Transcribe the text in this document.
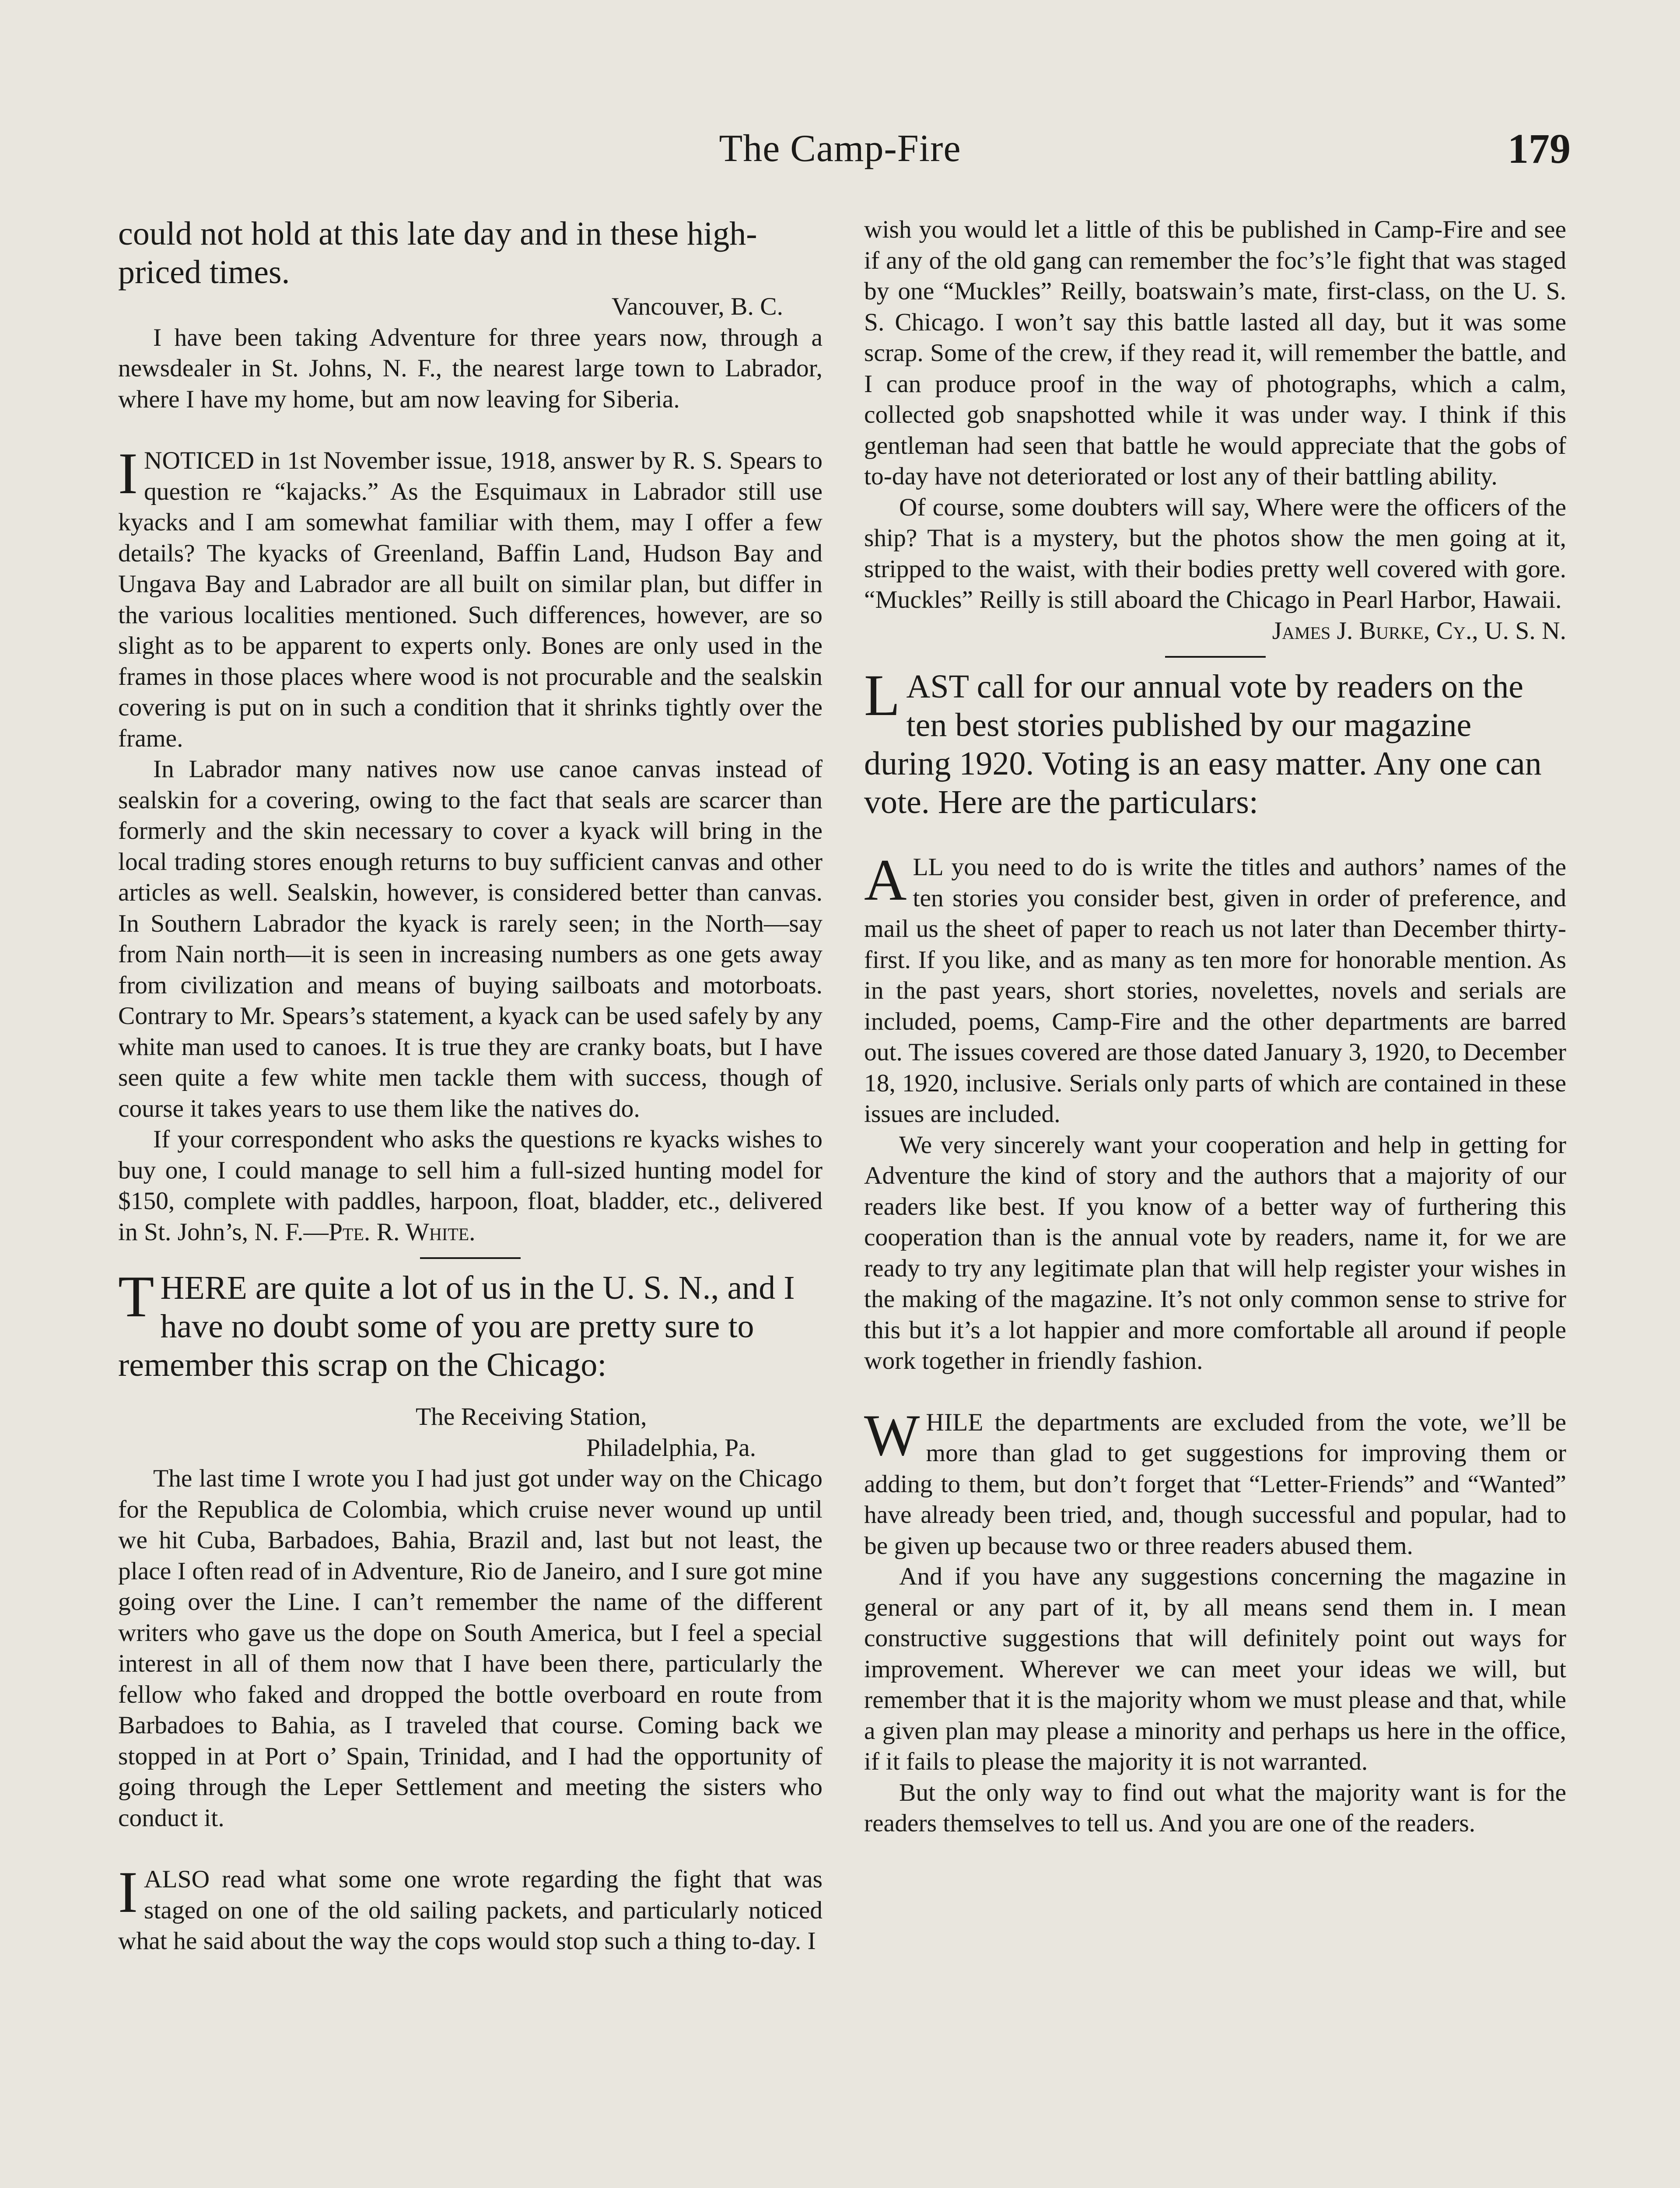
The Camp-Fire	179

could not hold at this late day and in these high-priced times.

Vancouver, B. C.

I have been taking Adventure for three years now, through a newsdealer in St. Johns, N. F., the nearest large town to Labrador, where I have my home, but am now leaving for Siberia.

INOTICED in 1st November issue, 1918, answer by R. S. Spears to question re “kajacks.” As the Esquimaux in Labrador still use kyacks and I am somewhat familiar with them, may I offer a few details? The kyacks of Greenland, Baffin Land, Hudson Bay and Ungava Bay and Labrador are all built on similar plan, but differ in the various localities mentioned. Such differences, however, are so slight as to be apparent to experts only. Bones are only used in the frames in those places where wood is not procurable and the sealskin covering is put on in such a condition that it shrinks tightly over the frame.

In Labrador many natives now use canoe canvas instead of sealskin for a covering, owing to the fact that seals are scarcer than formerly and the skin necessary to cover a kyack will bring in the local trading stores enough returns to buy sufficient canvas and other articles as well. Sealskin, however, is considered better than canvas. In Southern Labrador the kyack is rarely seen; in the North—say from Nain north—it is seen in increasing numbers as one gets away from civilization and means of buying sailboats and motorboats. Contrary to Mr. Spears’s statement, a kyack can be used safely by any white man used to canoes. It is true they are cranky boats, but I have seen quite a few white men tackle them with success, though of course it takes years to use them like the natives do.

If your correspondent who asks the questions re kyacks wishes to buy one, I could manage to sell him a full-sized hunting model for $150, complete with paddles, harpoon, float, bladder, etc., delivered in St. John’s, N. F.—Pte. R. White.

THERE are quite a lot of us in the U. S. N., and I have no doubt some of you are pretty sure to remember this scrap on the Chicago:

The Receiving Station,

Philadelphia, Pa.

The last time I wrote you I had just got under way on the Chicago for the Republica de Colombia, which cruise never wound up until we hit Cuba, Barbadoes, Bahia, Brazil and, last but not least, the place I often read of in Adventure, Rio de Janeiro, and I sure got mine going over the Line. I can’t remember the name of the different writers who gave us the dope on South America, but I feel a special interest in all of them now that I have been there, particularly the fellow who faked and dropped the bottle overboard en route from Barbadoes to Bahia, as I traveled that course. Coming back we stopped in at Port o’ Spain, Trinidad, and I had the opportunity of going through the Leper Settlement and meeting the sisters who conduct it.

IALSO read what some one wrote regarding the fight that was staged on one of the old sailing packets, and particularly noticed what he said about the way the cops would stop such a thing to-day. I

wish you would let a little of this be published in Camp-Fire and see if any of the old gang can remember the foc’s’le fight that was staged by one “Muckles” Reilly, boatswain’s mate, first-class, on the U. S. S. Chicago. I won’t say this battle lasted all day, but it was some scrap. Some of the crew, if they read it, will remember the battle, and I can produce proof in the way of photographs, which a calm, collected gob snapshotted while it was under way. I think if this gentleman had seen that battle he would appreciate that the gobs of to-day have not deteriorated or lost any of their battling ability.

Of course, some doubters will say, Where were the officers of the ship? That is a mystery, but the photos show the men going at it, stripped to the waist, with their bodies pretty well covered with gore. “Muckles” Reilly is still aboard the Chicago in Pearl Harbor, Hawaii.

James J. Burke, Cy., U. S. N.

LAST call for our annual vote by readers on the ten best stories published by our magazine during 1920. Voting is an easy matter. Any one can vote. Here are the particulars:

ALL you need to do is write the titles and authors’ names of the ten stories you consider best, given in order of preference, and mail us the sheet of paper to reach us not later than December thirty-first. If you like, and as many as ten more for honorable mention. As in the past years, short stories, novelettes, novels and serials are included, poems, Camp-Fire and the other departments are barred out. The issues covered are those dated January 3, 1920, to December 18, 1920, inclusive. Serials only parts of which are contained in these issues are included.

We very sincerely want your cooperation and help in getting for Adventure the kind of story and the authors that a majority of our readers like best. If you know of a better way of furthering this cooperation than is the annual vote by readers, name it, for we are ready to try any legitimate plan that will help register your wishes in the making of the magazine. It’s not only common sense to strive for this but it’s a lot happier and more comfortable all around if people work together in friendly fashion.

WHILE the departments are excluded from the vote, we’ll be more than glad to get suggestions for improving them or adding to them, but don’t forget that “Letter-Friends” and “Wanted” have already been tried, and, though successful and popular, had to be given up because two or three readers abused them.

And if you have any suggestions concerning the magazine in general or any part of it, by all means send them in. I mean constructive suggestions that will definitely point out ways for improvement. Wherever we can meet your ideas we will, but remember that it is the majority whom we must please and that, while a given plan may please a minority and perhaps us here in the office, if it fails to please the majority it is not warranted.

But the only way to find out what the majority want is for the readers themselves to tell us. And you are one of the readers.
